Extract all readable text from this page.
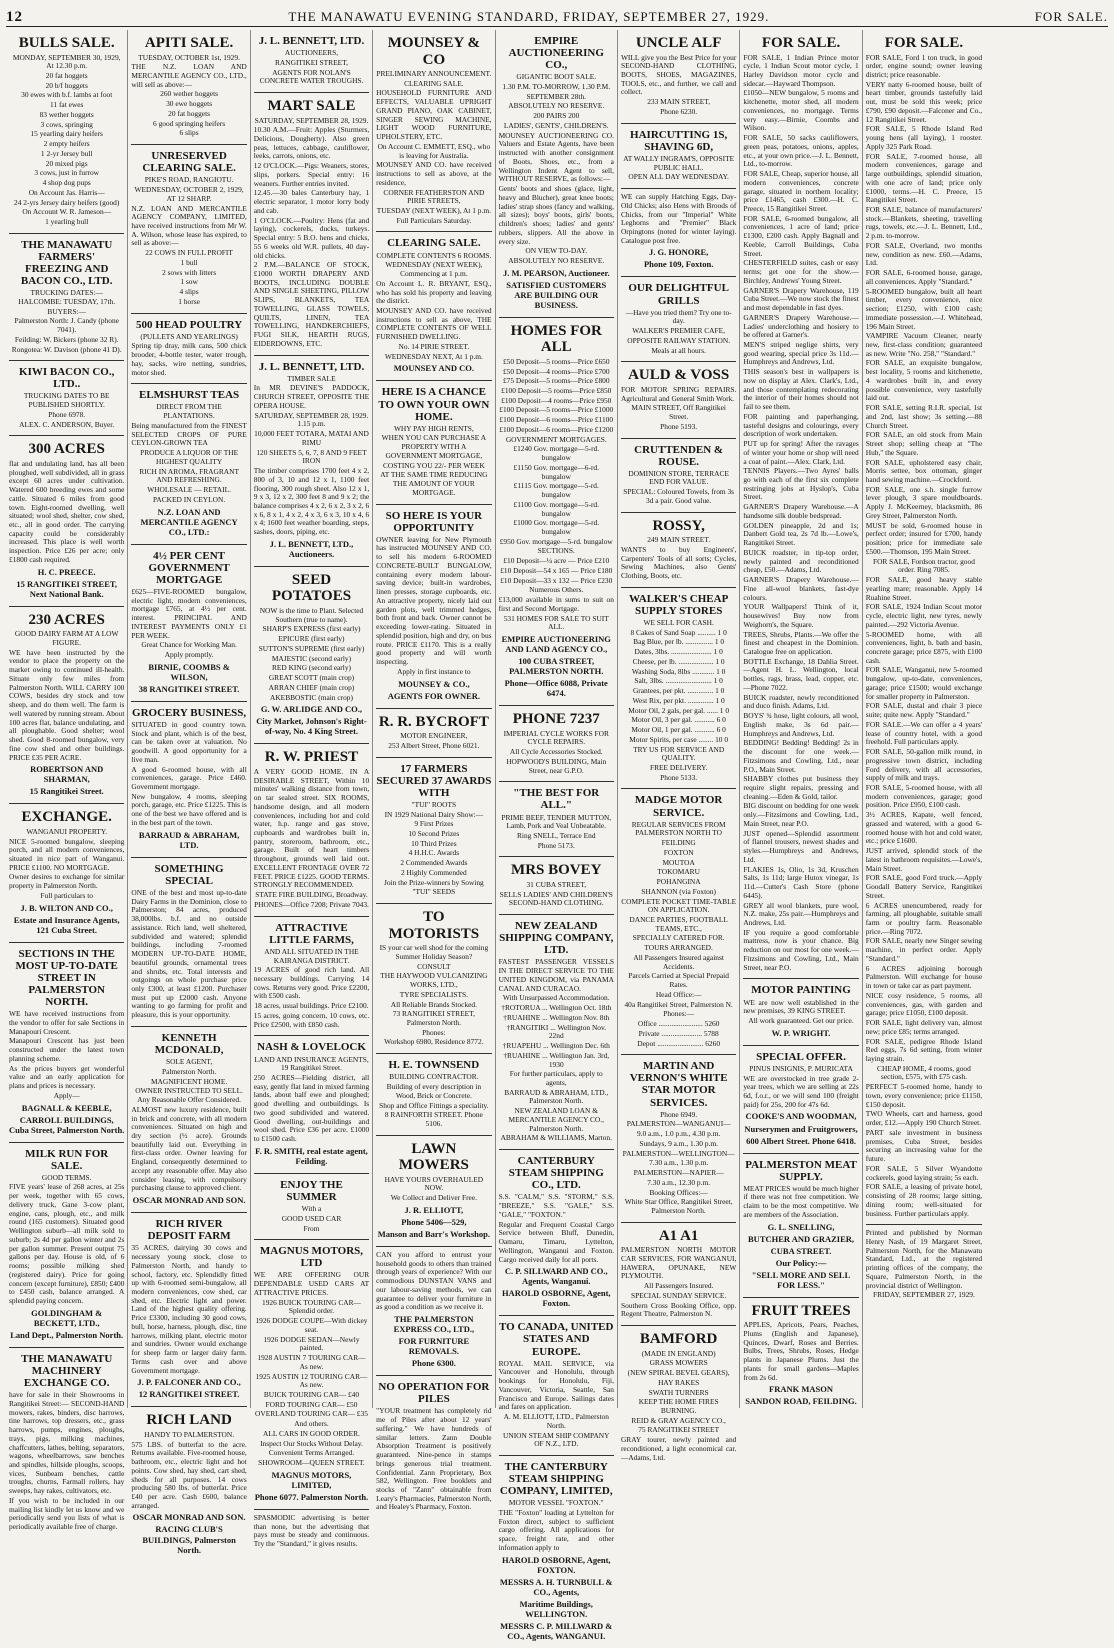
12	THE MANAWATU EVENING STANDARD, FRIDAY, SEPTEMBER 27, 1929.	FOR SALE.
BULLS SALE.
MONDAY, SEPTEMBER 30, 1929, At 12.30 p.m.
20 fat hoggets
20 b/f hoggets
30 ewes with b.f. lambs at foot
11 fat ewes
83 wether hoggets
3 cows, springing
15 yearling dairy heifers
2 empty heifers
1 2-yr Jersey bull
20 mixed pigs
3 cows, just in furrow
4 shop dog pups
On Account Jas. Harris—
24 2-yrs Jersey dairy heifers (good)
On Account W. R. Jameson—
1 yearling bull
THE MANAWATU FARMERS' FREEZING AND BACON CO., LTD.
TRUCKING DATES:— HALCOMBE: TUESDAY, 17th.
BUYERS:—
Palmerston North: J. Candy (phone 7041).
Feilding: W. Bickers (phone 32 R).
Rongotea: W. Davison (phone 41 D).
KIWI BACON CO., LTD..
TRUCKING DATES TO BE PUBLISHED SHORTLY.
Phone 6978.
ALEX. C. ANDERSON, Buyer.
300 ACRES
flat and undulating land, has all been ploughed, well subdivided, all in grass except 60 acres under cultivation. Watered 600 breeding ewes and some cattle. Situated 6 miles from good town. Eight-roomed dwelling, well situated; wool shed, shelter, cow shed, etc., all in good order. The carrying capacity could be considerably increased. This place is well worth inspection. Price £26 per acre; only £1800 cash required.
H. C. PREECE.
15 RANGITIKEI STREET, Next National Bank.
230 ACRES
GOOD DAIRY FARM AT A LOW FIGURE.
WE have been instructed by the vendor to place the property on the market owing to continued ill-health. Situate only few miles from Palmerston North. WILL CARRY 100 COWS, besides dry stock and tow sheep, and do them well. The farm is well watered by running stream. About 100 acres flat, balance undulating, and all ploughable. Good shelter; wool shed. Good 8-roomed bungalow, very fine cow shed and other buildings. PRICE £35 PER ACRE.
ROBERTSON AND SHARMAN,
15 Rangitikei Street.
EXCHANGE.
WANGANUI PROPERTY.
NICE 5-roomed bungalow, sleeping porch, and all modern conveniences, situated in nice part of Wanganui. PRICE £1100. NO MORTGAGE.
Owner desires to exchange for similar property in Palmerston North.
Full particulars to
J. B. WILTON AND CO.,
Estate and Insurance Agents, 121 Cuba Street.
SECTIONS IN THE MOST UP-TO-DATE STREET IN PALMERSTON NORTH.
WE have received instructions from the vendor to offer for sale Sections in Manapouri Crescent.
Manapouri Crescent has just been constructed under the latest town planning scheme.
As the prices buyers get wonderful value and an early application for plans and prices is necessary.
Apply—
BAGNALL & KEEBLE,
CARROLL BUILDINGS, Cuba Street, Palmerston North.
MILK RUN FOR SALE.
GOOD TERMS.
FIVE years' lease of 268 acres, at 25s per week, together with 65 cows, delivery truck, Gane 3-cow plant, engine, cans, plough, etc., and milk round (165 customers). Situated good Wellington suburb—all milk sold to suburb; 2s 4d per gallon winter and 2s per gallon summer. Present output 75 gallons per day. House is old, of 6 rooms; possible milking shed (registered dairy). Price for going concern (except furniture), £850; £400 to £450 cash, balance arranged. A splendid paying concern.
GOLDINGHAM & BECKETT, LTD.,
Land Dept., Palmerston North.
THE MANAWATU MACHINERY EXCHANGE CO.
have for sale in their Showrooms in Rangitikei Street:— SECOND-HAND mowers, rakes, binders, disc harrows, tine harrows, top dressers, etc., grass harrows, pumps, engines, ploughs, trays, pigs, milking machines, chaffcutters, lathes, belting, separators, wagons, wheelbarrows, saw benches and spindles, hillside ploughs, scoops, vices, Sunbeam benches, cattle troughs, churns, Farmall rollers, hay sweeps, hay rakes, cultivators, etc.
If you wish to be included in our mailing list kindly let us know and we periodically send you lists of what is periodically available free of charge.
APITI SALE.
TUESDAY, OCTOBER 1st, 1929.
THE N.Z. LOAN AND MERCANTILE AGENCY CO., LTD., will sell as above:—
260 wether hoggets
30 ewe hoggets
20 fat hoggets
6 good springing heifers
6 slips
UNRESERVED CLEARING SALE.
PIKE'S ROAD, RANGIOTU.
WEDNESDAY, OCTOBER 2, 1929, AT 12 SHARP.
N.Z. LOAN AND MERCANTILE AGENCY COMPANY, LIMITED, have received instructions from Mr W. A. Wilson, whose lease has expired, to sell as above:—
22 COWS IN FULL PROFIT
1 bull
2 sows with litters
1 sow
4 slips
1 horse
500 HEAD POULTRY
(PULLETS AND YEARLINGS)
Spring tip dray, milk cans, 500 chick brooder, 4-bottle tester, water trough, hay, sacks, wire netting, sundries, motor shed.
ELMSHURST TEAS
DIRECT FROM THE PLANTATIONS.
Being manufactured from the FINEST SELECTED CROPS OF PURE CEYLON-GROWN TEA
PRODUCE A LIQUOR OF THE HIGHEST QUALITY
RICH IN AROMA, FRAGRANT AND REFRESHING.
WHOLESALE — RETAIL.
PACKED IN CEYLON.
N.Z. LOAN AND MERCANTILE AGENCY CO., LTD.:
4½ PER CENT GOVERNMENT MORTGAGE
£625—FIVE-ROOMED bungalow, electric light, modern conveniences, mortgage £765, at 4½ per cent. interest. PRINCIPAL AND INTEREST PAYMENTS ONLY £1 PER WEEK.
Great Chance for Working Man.
Apply promptly.
BIRNIE, COOMBS & WILSON,
38 RANGITIKEI STREET.
GROCERY BUSINESS,
SITUATED in good country town. Stock and plant, which is of the best, can be taken over at valuation. No goodwill. A good opportunity for a live man.
A good 6-roomed house, with all conveniences, garage. Price £460. Government mortgage.
New bungalow, 4 rooms, sleeping porch, garage, etc. Price £1225. This is one of the best we have offered and is in the best part of the town.
BARRAUD & ABRAHAM, LTD.
SOMETHING SPECIAL
ONE of the best and most up-to-date Dairy Farms in the Dominion, close to Palmerston; 84 acres, produced 38,000lbs. b.f. and no outside assistance. Rich land, well sheltered, subdivided and watered; splendid buildings, including 7-roomed MODERN UP-TO-DATE HOME, beautiful grounds, ornamental trees and shrubs, etc. Total interests and outgoings on whole purchase price only £300, at least £1200. Purchaser must put up £2000 cash. Anyone wanting to go farming for profit and pleasure, this is your opportunity.
KENNETH MCDONALD,
SOLE AGENT,
Palmerston North.
MAGNIFICENT HOME.
OWNER INSTRUCTED TO SELL. Any Reasonable Offer Considered.
ALMOST new luxury residence, built in brick and concrete, with all modern conveniences. Situated on high and dry section (½ acre). Grounds beautifully laid out. Everything in first-class order. Owner leaving for England, consequently determined to accept any reasonable offer. May also consider leasing, with compulsory purchasing clause to approved client.
OSCAR MONRAD AND SON.
RICH RIVER DEPOSIT FARM
35 ACRES, dairying 30 cows and necessary young stock, close to Palmerston North, and handy to school, factory, etc. Splendidly fitted up with 6-roomed semi-bungalow, all modern conveniences, cow shed, car shed, etc. Electric light and power. Land of the highest quality offering. Price £3300, including 30 good cows, bull, horse, harness, plough, disc, tine harrows, milking plant, electric motor and sundries. Owner would exchange for sheep farm or larger dairy farm. Terms cash over and above Government mortgage.
J. P. FALCONER AND CO.,
12 RANGITIKEI STREET.
RICH LAND
HANDY TO PALMERSTON.
575 LBS. of butterfat to the acre. Returns available. Five-roomed house, bathroom, etc., electric light and hot points. Cow shed, hay shed, cart shed, sheds for all purposes. 14 cows producing 580 lbs. of butterfat. Price £40 per acre. Cash £600, balance arranged.
OSCAR MONRAD AND SON.
RACING CLUB'S BUILDINGS, Palmerston North.
J. L. BENNETT, LTD.
AUCTIONEERS,
RANGITIKEI STREET,
AGENTS FOR NOLAN'S CONCRETE WATER TROUGHS.
MART SALE
SATURDAY, SEPTEMBER 28, 1929.
10.30 A.M.—Fruit: Apples (Sturmers, Delicious, Dougherty). Also green peas, lettuces, cabbage, cauliflower, leeks, carrots, onions, etc.
12 O'CLOCK.—Pigs: Weaners, stores, slips, porkers. Special entry: 16 weaners. Further entries invited.
12.45.—30 bales Canterbury hay, 1 electric separator, 1 motor lorry body and cab.
1 O'CLOCK.—Poultry: Hens (fat and laying), cockerels, ducks, turkeys. Special entry: 5 B.O. hens and chicks, 55 6 weeks old W.R. pullets, 40 day-old chicks.
2 P.M.—BALANCE OF STOCK, £1000 WORTH DRAPERY AND BOOTS, INCLUDING DOUBLE AND SINGLE SHEETING, PILLOW SLIPS, BLANKETS, TEA TOWELLING, GLASS TOWELS, QUILTS, LINEN, TEA TOWELLING, HANDKERCHIEFS, FUGI SILK, HEARTH RUGS, EIDERDOWNS, ETC.
J. L. BENNETT, LTD.
TIMBER SALE
In MR DEVINE'S PADDOCK, CHURCH STREET, OPPOSITE THE OPERA HOUSE.
SATURDAY, SEPTEMBER 28, 1929. 1.15 p.m.
10,000 FEET TOTARA, MATAI AND RIMU
120 SHEETS 5, 6, 7, 8 AND 9 FEET IRON
The timber comprises 1700 feet 4 x 2, 800 of 3, 10 and 12 x 1, 1100 feet flooring, 300 rough sheet. Also 12 x 1, 9 x 3, 12 x 2, 300 feet 8 and 9 x 2; the balance comprises 4 x 2, 6 x 2, 3 x 2, 6 x 6, 8 x 1, 4 x 2, 4 x 3, 6 x 3, 10 x 4, 6 x 4; 1600 feet weather boarding, steps, sashes, doors, piping, etc.
J. L. BENNETT, LTD., Auctioneers.
SEED POTATOES
NOW is the time to Plant. Selected Southern (true to name).
SHARP'S EXPRESS (first early)
EPICURE (first early)
SUTTON'S SUPREME (first early)
MAJESTIC (second early)
RED KING (second early)
GREAT SCOTT (main crop)
ARRAN CHIEF (main crop)
AKEBBOSTIC (main crop)
G. W. ARLIDGE AND CO.,
City Market, Johnson's Right-of-way, No. 4 King Street.
R. W. PRIEST
A VERY GOOD HOME. IN A DESIRABLE STREET, Within 10 minutes' walking distance from town, on tar sealed street. SIX ROOMS, handsome design, and all modern conveniences, including hot and cold water, h.p. range and gas stove, cupboards and wardrobes built in, pantry, storeroom, bathroom, etc., garage. Built of heart timbers throughout, grounds well laid out. EXCELLENT FRONTAGE OVER 72 FEET. PRICE £1225. GOOD TERMS. STRONGLY RECOMMENDED.
STATE FIRE BUILDING, Broadway.
PHONES—Office 7208; Private 7043.
ATTRACTIVE LITTLE FARMS,
AND ALL SITUATED IN THE KAIRANGA DISTRICT.
19 ACRES of good rich land. All necessary buildings. Carrying 14 cows. Returns very good. Price £2200, with £500 cash.
18 acres, usual buildings. Price £2100.
15 acres, going concern, 10 cows, etc. Price £2500, with £850 cash.
NASH & LOVELOCK
LAND AND INSURANCE AGENTS, 19 Rangitikei Street.
250 ACRES—Fielding district, all easy, gently flat land in mixed farming lands, about half ewe and ploughed; good dwelling and outbuildings. Is two good subdivided and watered. Good dwelling, out-buildings and wool shed. Price £36 per acre. £1000 to £1500 cash.
F. R. SMITH, real estate agent, Feilding.
ENJOY THE SUMMER
With a
GOOD USED CAR
From
MAGNUS MOTORS, LTD
WE ARE OFFERING OUR DEPENDABLE USED CARS AT ATTRACTIVE PRICES.
1926 BUICK TOURING CAR—Splendid order.
1926 DODGE COUPE—With dickey seat.
1926 DODGE SEDAN—Newly painted.
1928 AUSTIN 7 TOURING CAR—As new.
1925 AUSTIN 12 TOURING CAR—As new.
BUICK TOURING CAR— £40
FORD TOURING CAR— £50
OVERLAND TOURING CAR— £35
And others.
ALL CARS IN GOOD ORDER.
Inspect Our Stocks Without Delay.
Convenient Terms Arranged.
SHOWROOM—QUEEN STREET.
MAGNUS MOTORS, LIMITED,
Phone 6077. Palmerston North.
SPASMODIC advertising is better than none, but the advertising that pays must be steady and continuous. Try the "Standard," it gives results.
MOUNSEY & CO
PRELIMINARY ANNOUNCEMENT.
CLEARING SALE.
HOUSEHOLD FURNITURE AND EFFECTS, VALUABLE UPRIGHT GRAND PIANO, OAK CABINET, SINGER SEWING MACHINE, LIGHT WOOD FURNITURE, UPHOLSTERY, ETC.
On Account C. EMMETT, ESQ., who is leaving for Australia.
MOUNSEY AND CO. have received instructions to sell as above, at the residence,
CORNER FEATHERSTON AND PIRIE STREETS,
TUESDAY (NEXT WEEK), At 1 p.m.
Full Particulars Saturday.
CLEARING SALE.
COMPLETE CONTENTS 6 ROOMS.
WEDNESDAY (NEXT WEEK), Commencing at 1 p.m.
On Account L. R. BRYANT, ESQ., who has sold his property and leaving the district.
MOUNSEY AND CO. have received instructions to sell as above, THE COMPLETE CONTENTS OF WELL FURNISHED DWELLING.
No. 14 PIRIE STREET.
WEDNESDAY NEXT, At 1 p.m.
MOUNSEY AND CO.
HERE IS A CHANCE TO OWN YOUR OWN HOME.
WHY PAY HIGH RENTS,
WHEN YOU CAN PURCHASE A PROPERTY WITH A GOVERNMENT MORTGAGE,
COSTING YOU 22/- PER WEEK
AT THE SAME TIME REDUCING THE AMOUNT OF YOUR MORTGAGE.
SO HERE IS YOUR OPPORTUNITY
OWNER leaving for New Plymouth has instructed MOUNSEY AND CO. to sell his modern 6-ROOMED CONCRETE-BUILT BUNGALOW, containing every modern labour-saving device; built-in wardrobes, linen presses, storage cupboards, etc. An attractive property, nicely laid out garden plots, well trimmed hedges, both front and back. Owner cannot be exceeding lower-rating. Situated in splendid position, high and dry, on bus route. PRICE £1170. This is a really good property and will worth inspecting.
Apply in first instance to
MOUNSEY & CO.,
AGENTS FOR OWNER.
R. R. BYCROFT
MOTOR ENGINEER,
253 Albert Street, Phone 6021.
17 FARMERS SECURED 37 AWARDS WITH
"TUI" ROOTS
IN 1929 National Dairy Show:—
9 First Prizes
10 Second Prizes
10 Third Prizes
4 H.H.C. Awards
2 Commended Awards
2 Highly Commended
Join the Prize-winners by Sowing
"TUI" SEEDS
TO MOTORISTS
IS your car well shod for the coming Summer Holiday Season?
CONSULT
THE HAYWOOD VULCANIZING WORKS, LTD.,
TYRE SPECIALISTS.
All Reliable Brands Stocked.
73 RANGITIKEI STREET, Palmerston North.
Phones:
Workshop 6980, Residence 8772.
H. E. TOWNSEND
BUILDING CONTRACTOR.
Building of every description in Wood, Brick or Concrete.
Shop and Office Fittings a speciality.
8 RAINFORTH STREET. Phone 5106.
LAWN MOWERS
HAVE YOURS OVERHAULED NOW.
We Collect and Deliver Free.
J. R. ELLIOTT,
Phone 5406—529,
Manson and Barr's Workshop.
CAN you afford to entrust your household goods to others than trained through years of experience? With our commodious DUNSTAN VANS and our labour-saving methods, we can guarantee to deliver your furniture in as good a condition as we receive it.
THE PALMERSTON EXPRESS CO., LTD.,
FOR FURNITURE REMOVALS.
Phone 6300.
NO OPERATION FOR PILES
"YOUR treatment has completely rid me of Piles after about 12 years' suffering." We have hundreds of similar letters. Zann Double Absorption Treatment is positively guaranteed. Nine-pence in stamps brings generous trial treatment. Confidential. Zann Proprietary, Box 582, Wellington. Free booklets and stocks of "Zann" obtainable from Leary's Pharmacies, Palmerston North, and Healey's Pharmacy, Foxton.
EMPIRE AUCTIONEERING CO.,
GIGANTIC BOOT SALE.
1.30 P.M. TO-MORROW, 1.30 P.M.
SEPTEMBER 28th.
ABSOLUTELY NO RESERVE.
200 PAIRS 200
LADIES', GENTS', CHILDREN'S.
MOUNSEY AUCTIONEERING CO. Valuers and Estate Agents, have been instructed with another consignment of Boots, Shoes, etc., from a Wellington Indent Agent to sell, WITHOUT RESERVE, as follows:—
Gents' boots and shoes (glace, light, heavy and Blucher), great knee boots; ladies' strap shoes (fancy and walking, all sizes); boys' boots, girls' boots, children's shoes; ladies' and gents' rubbers, slippers. All the above in every size.
ON VIEW TO-DAY.
ABSOLUTELY NO RESERVE.
J. M. PEARSON, Auctioneer.
SATISFIED CUSTOMERS ARE BUILDING OUR BUSINESS.
HOMES FOR ALL
£50 Deposit—5 rooms—Price £650
£50 Deposit—4 rooms—Price £700
£75 Deposit—5 rooms—Price £800
£100 Deposit—5 rooms—Price £850
£100 Deposit—4 rooms—Price £950
£100 Deposit—5 rooms—Price £1000
£100 Deposit—6 rooms—Price £1100
£100 Deposit—6 rooms—Price £1200
GOVERNMENT MORTGAGES.
£1240 Gov. mortgage—5-rd. bungalow
£1150 Gov. mortgage—6-rd. bungalow
£1115 Gov. mortgage—5-rd. bungalow
£1100 Gov. mortgage—5-rd. bungalow
£1000 Gov. mortgage—5-rd. bungalow
£950 Gov. mortgage—5-rd. bungalow
SECTIONS.
£10 Deposit—¼ acre — Price £210
£10 Deposit—54 x 165 — Price £180
£10 Deposit—33 x 132 — Price £230
Numerous Others.
£13,000 available in sums to suit on first and Second Mortgage.
531 HOMES FOR SALE TO SUIT ALL.
EMPIRE AUCTIONEERING AND LAND AGENCY CO.,
100 CUBA STREET, PALMERSTON NORTH.
Phone—Office 6088, Private 6474.
PHONE 7237
IMPERIAL CYCLE WORKS FOR CYCLE REPAIRS.
All Cycle Accessories Stocked.
HOPWOOD'S BUILDING, Main Street, near G.P.O.
"THE BEST FOR ALL."
PRIME BEEF, TENDER MUTTON, Lamb, Pork and Veal Unbeatable.
Ring SNELL, Terrace End
Phone 5173.
MRS BOVEY
31 CUBA STREET,
SELLS LADIES' AND CHILDREN'S SECOND-HAND CLOTHING.
NEW ZEALAND SHIPPING COMPANY, LTD.
FASTEST PASSENGER VESSELS IN THE DIRECT SERVICE TO THE UNITED KINGDOM, via PANAMA CANAL AND CURACAO.
With Unsurpassed Accommodation.
†ROTORUA ... Wellington Oct. 18th
†RUAHINE ... Wellington Nov. 8th
†RANGITIKI ... Wellington Nov. 22nd
†RUAPEHU ... Wellington Dec. 6th
†RUAHINE ... Wellington Jan. 3rd, 1930
For further particulars, apply to agents,
BARRAUD & ABRAHAM, LTD., Palmerston North.
NEW ZEALAND LOAN & MERCANTILE AGENCY CO., Palmerston North.
ABRAHAM & WILLIAMS, Marton.
CANTERBURY STEAM SHIPPING CO., LTD.
S.S. "CALM," S.S. "STORM," S.S. "BREEZE," S.S. "GALE," S.S. "GALE," "FOXTON."
Regular and Frequent Coastal Cargo Service between Bluff, Dunedin, Oamaru, Timaru, Lyttelton, Wellington, Wanganui and Foxton. Cargo received daily for all ports.
C. P. SILLWARD AND CO., Agents, Wanganui.
HAROLD OSBORNE, Agent, Foxton.
TO CANADA, UNITED STATES AND EUROPE.
ROYAL MAIL SERVICE, via Vancouver and Honolulu, through bookings for Honolulu, Fiji, Vancouver, Victoria, Seattle, San Francisco and Europe. Sailings dates and fares on application.
A. M. ELLIOTT, LTD., Palmerston North.
UNION STEAM SHIP COMPANY OF N.Z., LTD.
THE CANTERBURY STEAM SHIPPING COMPANY, LIMITED,
MOTOR VESSEL "FOXTON."
THE "Foxton" loading at Lyttelton for Foxton direct, subject to sufficient cargo offering. All applications for space, freight rate, and other information apply to
HAROLD OSBORNE, Agent, FOXTON.
MESSRS A. H. TURNBULL & CO., Agents,
Maritime Buildings, WELLINGTON.
MESSRS C. P. MILLWARD & CO., Agents, WANGANUI.
UNCLE ALF
WILL give you the Best Price for your SECOND-HAND CLOTHING, BOOTS, SHOES, MAGAZINES, TOOLS, etc., and further, we call and collect.
233 MAIN STREET,
Phone 6230.
HAIRCUTTING 1S, SHAVING 6D,
AT WALLY INGRAM'S, OPPOSITE PUBLIC HALL.
OPEN ALL DAY WEDNESDAY.
WE can supply Hatching Eggs, Day-Old Chicks; also Hens with Broods of Chicks, from our "Imperial" White Leghorns and "Premier" Black Orpingtons (noted for winter laying). Catalogue post free.
J. G. HONORE,
Phone 109, Foxton.
OUR DELIGHTFUL GRILLS
—Have you tried them? Try one to-day.
WALKER'S PREMIER CAFE,
OPPOSITE RAILWAY STATION.
Meals at all hours.
AULD & VOSS
FOR MOTOR SPRING REPAIRS. Agricultural and General Smith Work.
MAIN STREET, Off Rangitikei Street.
Phone 5193.
CRUTTENDEN & ROUSE.
DOMINION STORE, TERRACE END FOR VALUE.
SPECIAL: Coloured Towels, from 3s 3d a pair. Good value.
ROSSY,
249 MAIN STREET.
WANTS to buy Engineers', Carpenters' Tools of all sorts; Cycles, Sewing Machines, also Gents' Clothing, Boots, etc.
WALKER'S CHEAP SUPPLY STORES
WE SELL FOR CASH.
8 Cakes of Sand Soap .......... 1 0
Bag Blue, per lb. ............... 1 0
Dates, 3lbs. ...................... 1 0
Cheese, per lb. ................... 1 0
Washing Soda, 8lbs ............ 1 0
Salt, 3lbs. ......................... 1 0
Grantees, per pkt. .............. 1 0
West Rix, per pkt. .............. 1 0
Motor Oil, 2 gals, per gal. ...... 1 0
Motor Oil, 3 per gal. ........... 6 0
Motor Oil, 1 per gal. ........... 6 0
Motor Spirits, per case ........ 10 0
TRY US FOR SERVICE AND QUALITY.
FREE DELIVERY.
Phone 5133.
MADGE MOTOR SERVICE.
REGULAR SERVICES FROM PALMERSTON NORTH TO
FEILDING
FOXTON
MOUTOA
TOKOMARU
POHANGINA
SHANNON (via Foxton)
COMPLETE POCKET TIME-TABLE ON APPLICATION.
DANCE PARTIES, FOOTBALL TEAMS, ETC.,
SPECIALLY CATERED FOR.
TOURS ARRANGED.
All Passengers Insured against Accidents.
Parcels Carried at Special Prepaid Rates.
Head Office:—
40a Rangitikei Street, Palmerston N.
Phones:—
Office ........................ 5260
Private ...................... 5788
Depot ......................... 6260
MARTIN AND VERNON'S WHITE STAR MOTOR SERVICES.
Phone 6949.
PALMERSTON—WANGANUI—
9.0 a.m., 1.0 p.m., 4.30 p.m.
Sundays, 9 a.m., 1.30 p.m.
PALMERSTON—WELLINGTON—
7.30 a.m., 1.30 p.m.
PALMERSTON—NAPIER—
7.30 a.m., 12.30 p.m.
Booking Offices:—
White Star Office, Rangitikei Street, Palmerston North.
A1 A1
PALMERSTON NORTH MOTOR CAR SERVICES, FOR WANGANUI, HAWERA, OPUNAKE, NEW PLYMOUTH.
All Passengers Insured.
SPECIAL SUNDAY SERVICE.
Southern Cross Booking Office, opp. Regent Theatre, Palmerston N.
BAMFORD
(MADE IN ENGLAND)
GRASS MOWERS
(NEW SPIRAL BEVEL GEARS),
HAY RAKES
SWATH TURNERS
KEEP THE HOME FIRES BURNING.
REID & GRAY AGENCY CO.,
75 RANGITIKEI STREET
GRAY tourer, newly painted and reconditioned, a light economical car.—Adams, Ltd.
FOR SALE.
FOR SALE, 1 Indian Prince motor cycle, 1 Indian Scout motor cycle, 1 Harley Davidson motor cycle and sidecar.—Hayward Thompson.
£1050—NEW bungalow, 5 rooms and kitchenette, motor shed, all modern conveniences, no mortgage. Terms very easy.—Birnie, Coombs and Wilson.
FOR SALE, 50 sacks cauliflowers, green peas, potatoes, onions, apples, etc., at your own price.—J. L. Bennett, Ltd., to-morrow.
FOR SALE, Cheap, superior house, all modern conveniences, concrete garage, situated in northern locality; price £1465, cash £300.—H. C. Preece, 15 Rangitikei Street.
FOR SALE, 6-roomed bungalow, all conveniences, 1 acre of land; price £1300, £200 cash. Apply Bagnall and Keeble, Carroll Buildings, Cuba Street.
CHESTERFIELD suites, cash or easy terms; get one for the show.—Birchley, Andrews' Young Street.
GARNER'S Drapery Warehouse, 119 Cuba Street.—We now stock the finest and most dependable in fast dyes.
GARNER'S Drapery Warehouse.—Ladies' underclothing and hosiery to be offered at Garner's.
MEN'S striped neglige shirts, very good wearing, special price 3s 11d.—Humphreys and Andrews, Ltd.
THIS season's best in wallpapers is now on display at Alex. Clark's, Ltd., and those contemplating redecorating the interior of their homes should not fail to see them.
FOR painting and paperhanging, tasteful designs and colourings, every description of work undertaken.
PUT up for spring! After the ravages of winter your home or shop will need a coat of paint.—Alex. Clark, Ltd.
TENNIS Players.—Two Ayres' balls go with each of the first six complete restringing jobs at Hyslop's, Cuba Street.
GARNER'S Drapery Warehouse.—A handsome silk double bedspread.
GOLDEN pineapple, 2d and 1s; Danbert Gold tea, 2s 7d lb.—Lowe's, Rangitikei Street.
BUICK roadster, in tip-top order, newly painted and reconditioned cheap, £50.—Adams, Ltd.
GARNER'S Drapery Warehouse.—Fine all-wool blankets, fast-dye colours.
YOUR Wallpapers! Think of it, housewives! Buy now from Weighorn's, the Square.
TREES, Shrubs, Plants.—We offer the finest and cheapest in the Dominion. Catalogue free on application.
BOTTLE Exchange, 18 Dahlia Street.—Agent H. L. Wellington, local bottles, rags, brass, lead, copper, etc.—Phone 7022.
BUICK roadster, newly reconditioned and duco finish. Adams, Ltd.
BOYS' ¾ hose, light colours, all wool, English make, 3s 6d pair.—Humphreys and Andrews, Ltd.
BEDDING! Bedding! Bedding! 2s in the discount for one week.—Fitzsimons and Cowling, Ltd., near P.O., Main Street.
SHABBY clothes put business they require slight repairs, pressing and cleaning.—Eden & Gold, tailor.
BIG discount on bedding for one week only.—Fitzsimons and Cowling, Ltd., Main Street, near P.O.
JUST opened—Splendid assortment of flannel trousers, newest shades and styles.—Humphreys and Andrews, Ltd.
FLAKIES 1s, Olio, 1s 3d, Kruschen Salts, 1s 11d; large Hutox vinegar, 1s 11d.—Cutter's Cash Store (phone 6445).
GREY all wool blankets, pure wool, N.Z. make, 25s pair.—Humphreys and Andrews, Ltd.
IF you require a good comfortable mattress, now is your chance. Big reduction on our most for one week.—Fitzsimons and Cowling, Ltd., Main Street, near P.O.
MOTOR PAINTING
WE are now well established in the new premises, 39 KING STREET.
All work guaranteed. Get our price.
W. P. WRIGHT.
SPECIAL OFFER.
PINUS INSIGNIS, P. MURICATA
WE are overstocked in tree grade 2-year trees, which we are selling at 22s 6d, f.o.r., or we will send 100 (freight paid) for 25s, 200 for 47s 6d.
COOKE'S AND WOODMAN,
Nurserymen and Fruitgrowers,
600 Albert Street. Phone 6418.
PALMERSTON MEAT SUPPLY.
MEAT PRICES would be much higher if there was not free competition. We claim to be the most competitive. We are members of the Association.
G. L. SNELLING,
BUTCHER AND GRAZIER,
CUBA STREET.
Our Policy:—
"SELL MORE AND SELL FOR LESS."
FRUIT TREES
APPLES, Apricots, Pears, Peaches, Plums (English and Japanese), Quinces, Dwarf, Roses and Berries. Bulbs, Trees, Shrubs, Roses, Hedge plants in Japanese Plums. Just the plants for small gardens—Maples from 2s 6d.
FRANK MASON
SANDON ROAD, FEILDING.
FOR SALE.
FOR SALE, Ford 1 ton truck, in good order, engine sound; owner leaving district; price reasonable.
VERY natty 6-roomed house, built of heart timber, grounds tastefully laid out, must be sold this week; price £790, £90 deposit.—Falconer and Co., 12 Rangitikei Street.
FOR SALE, 5 Rhode Island Red young hens (all laying), 1 rooster. Apply 325 Park Road.
FOR SALE, 7-roomed house, all modern conveniences, garage and large outbuildings, splendid situation, with one acre of land; price only £1000, terms.—H. C. Preece, 15 Rangitikei Street.
FOR SALE, balance of manufacturers' stock.—Blankets, sheeting, travelling rugs, towels, etc.—J. L. Bennett, Ltd., 2 p.m. to-morrow.
FOR SALE, Overland, two months new, condition as new. £60.—Adams, Ltd.
FOR SALE, 6-roomed house, garage, all conveniences. Apply "Standard."
5-ROOMED bungalow, built all heart timber, every convenience, nice section; £1250, with £100 cash; immediate possession.—J. Whitehead, 196 Main Street.
VAMPIRE Vacuum Cleaner, nearly new, first-class condition; guaranteed as new. Write "No. 258," "Standard."
FOR SALE, an exquisite bungalow, best locality, 5 rooms and kitchenette, 4 wardrobes built in, and every possible convenience, very tastefully laid out.
FOR SALE, setting R.I.R. special, 1st and 2nd, last show; 3s setting.—88 Church Street.
FOR SALE, an old stock from Main Street shop; selling cheap at "The Hub," the Square.
FOR SALE, upholstered easy chair, Morris settee, box ottoman, ginger hand sewing machine.—Crockford.
FOR SALE, one s.h. single furrow lever plough, 3 spare mouldboards. Apply J. McKeerney, blacksmith, 86 Grey Street, Palmerston North.
MUST be sold, 6-roomed house in perfect order; insured for £700, handy position; price for immediate sale £500.—Thomson, 195 Main Street.
FOR SALE, Fordson tractor, good order. Ring 7085.
FOR SALE, good heavy stable yearling mare; reasonable. Apply 14 Ruahine Street.
FOR SALE, 1924 Indian Scout motor cycle, electric light, new tyres, newly painted.—292 Victoria Avenue.
5-ROOMED home, with all conveniences, light, h. bath and basin, concrete garage; price £875, with £100 cash.
FOR SALE, Wanganui, new 5-roomed bungalow, up-to-date, conveniences, garage; price £1500; would exchange for smaller property in Palmerston.
FOR SALE, dustal and chair 3 piece suite; quite new. Apply "Standard."
FOR SALE.—We can offer a 4 years' lease of country hotel, with a good freehold. Full particulars apply.
FOR SALE, 50-gallon milk round, in progressive town district, including Ford delivery, with all accessories, supply of milk and trays.
FOR SALE, 5-roomed house, with all modern conveniences, garage; good position. Price £950, £100 cash.
3½ ACRES, Kapate, well fenced, grassed and watered, with a good 6-roomed house with hot and cold water, etc.; price £1600.
JUST arrived, splendid stock of the latest in bathroom requisites.—Lowe's, Main Street.
FOR SALE, good Ford truck.—Apply Goodall Battery Service, Rangitikei Street.
6 ACRES unencumbered, ready for farming, all ploughable, suitable small farm or poultry farm. Reasonable price.—Ring 7072.
FOR SALE, nearly new Singer sewing machine, in perfect order. Apply "Standard."
6 ACRES adjoining borough Palmerston. Will exchange for house in town or take car as part payment.
NICE cosy residence, 5 rooms, all conveniences, gas, with garden and garage; price £1050, £100 deposit.
FOR SALE, light delivery van, almost new; price £85; terms arranged.
FOR SALE, pedigree Rhode Island Red eggs, 7s 6d setting, from winter laying strain.
CHEAP HOME, 4 rooms, good section, £575, with £75 cash.
PERFECT 5-roomed home, handy to town, every convenience; price £1150, £150 deposit.
TWO Wheels, cart and harness, good order, £12.—Apply 190 Church Street.
PART sale investment in business premises, Cuba Street, besides securing an increasing value for the future.
FOR SALE, 5 Silver Wyandotte cockerels, good laying strain; 5s each.
FOR SALE, a leasing of private hotel, consisting of 28 rooms; large sitting, dining room; well-situated for business. Further particulars apply.
Printed and published by Norman Henry Nash, of 19 Margaret Street, Palmerston North, for the Manawatu Standard, Ltd., at the registered printing offices of the company, the Square, Palmerston North, in the provincial district of Wellington.
FRIDAY, SEPTEMBER 27, 1929.
